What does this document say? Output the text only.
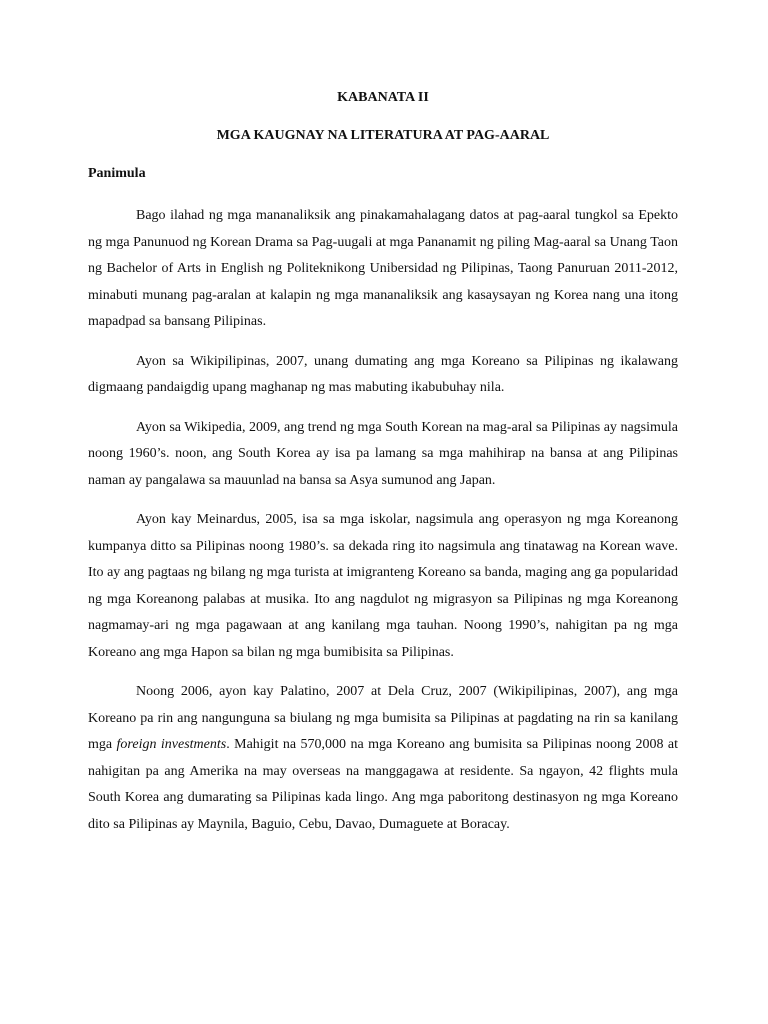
KABANATA II
MGA KAUGNAY NA LITERATURA AT PAG-AARAL
Panimula

Bago ilahad ng mga mananaliksik ang pinakamahalagang datos at pag-aaral tungkol sa Epekto ng mga Panunuod ng Korean Drama sa Pag-uugali at mga Pananamit ng piling Mag-aaral sa Unang Taon ng Bachelor of Arts in English ng Politeknikong Unibersidad ng Pilipinas, Taong Panuruan 2011-2012, minabuti munang pag-aralan at kalapin ng mga mananaliksik ang kasaysayan ng Korea nang una itong mapadpad sa bansang Pilipinas.

Ayon sa Wikipilipinas, 2007, unang dumating ang mga Koreano sa Pilipinas ng ikalawang digmaang pandaigdig upang maghanap ng mas mabuting ikabubuhay nila.

Ayon sa Wikipedia, 2009, ang trend ng mga South Korean na mag-aral sa Pilipinas ay nagsimula noong 1960’s. noon, ang South Korea ay isa pa lamang sa mga mahihirap na bansa at ang Pilipinas naman ay pangalawa sa mauunlad na bansa sa Asya sumunod ang Japan.

Ayon kay Meinardus, 2005, isa sa mga iskolar, nagsimula ang operasyon ng mga Koreanong kumpanya ditto sa Pilipinas noong 1980’s. sa dekada ring ito nagsimula ang tinatawag na Korean wave. Ito ay ang pagtaas ng bilang ng mga turista at imigranteng Koreano sa banda, maging ang ga popularidad ng mga Koreanong palabas at musika. Ito ang nagdulot ng migrasyon sa Pilipinas ng mga Koreanong nagmamay-ari ng mga pagawaan at ang kanilang mga tauhan. Noong 1990’s, nahigitan pa ng mga Koreano ang mga Hapon sa bilan ng mga bumibisita sa Pilipinas.

Noong 2006, ayon kay Palatino, 2007 at Dela Cruz, 2007 (Wikipilipinas, 2007), ang mga Koreano pa rin ang nangunguna sa biulang ng mga bumisita sa Pilipinas at pagdating na rin sa kanilang mga foreign investments. Mahigit na 570,000 na mga Koreano ang bumisita sa Pilipinas noong 2008 at nahigitan pa ang Amerika na may overseas na manggagawa at residente. Sa ngayon, 42 flights mula South Korea ang dumarating sa Pilipinas kada lingo. Ang mga paboritong destinasyon ng mga Koreano dito sa Pilipinas ay Maynila, Baguio, Cebu, Davao, Dumaguete at Boracay.
